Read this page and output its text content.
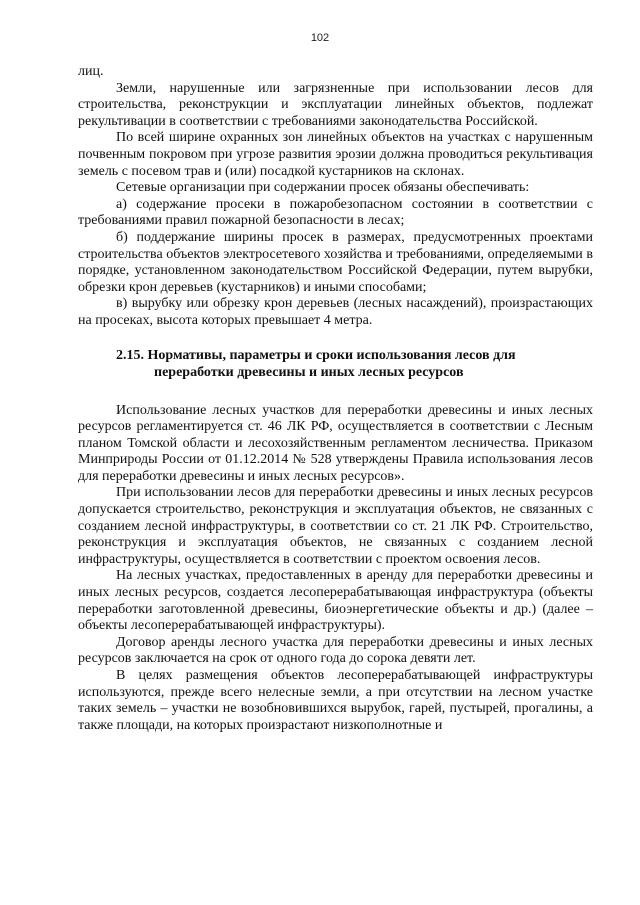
102

лиц.

Земли, нарушенные или загрязненные при использовании лесов для строительства, реконструкции и эксплуатации линейных объектов, подлежат рекультивации в соответствии с требованиями законодательства Российской.

По всей ширине охранных зон линейных объектов на участках с нарушенным почвенным покровом при угрозе развития эрозии должна проводиться рекультивация земель с посевом трав и (или) посадкой кустарников на склонах.

Сетевые организации при содержании просек обязаны обеспечивать:

а) содержание просеки в пожаробезопасном состоянии в соответствии с требованиями правил пожарной безопасности в лесах;

б) поддержание ширины просек в размерах, предусмотренных проектами строительства объектов электросетевого хозяйства и требованиями, определяемыми в порядке, установленном законодательством Российской Федерации, путем вырубки, обрезки крон деревьев (кустарников) и иными способами;

в) вырубку или обрезку крон деревьев (лесных насаждений), произрастающих на просеках, высота которых превышает 4 метра.

2.15. Нормативы, параметры и сроки использования лесов для
переработки древесины и иных лесных ресурсов

Использование лесных участков для переработки древесины и иных лесных ресурсов регламентируется ст. 46 ЛК РФ, осуществляется в соответствии с Лесным планом Томской области и лесохозяйственным регламентом лесничества. Приказом Минприроды России от 01.12.2014 № 528 утверждены Правила использования лесов для переработки древесины и иных лесных ресурсов».

При использовании лесов для переработки древесины и иных лесных ресурсов допускается строительство, реконструкция и эксплуатация объектов, не связанных с созданием лесной инфраструктуры, в соответствии со ст. 21 ЛК РФ. Строительство, реконструкция и эксплуатация объектов, не связанных с созданием лесной инфраструктуры, осуществляется в соответствии с проектом освоения лесов.

На лесных участках, предоставленных в аренду для переработки древесины и иных лесных ресурсов, создается лесоперерабатывающая инфраструктура (объекты переработки заготовленной древесины, биоэнергетические объекты и др.) (далее – объекты лесоперерабатывающей инфраструктуры).

Договор аренды лесного участка для переработки древесины и иных лесных ресурсов заключается на срок от одного года до сорока девяти лет.

В целях размещения объектов лесоперерабатывающей инфраструктуры используются, прежде всего нелесные земли, а при отсутствии на лесном участке таких земель – участки не возобновившихся вырубок, гарей, пустырей, прогалины, а также площади, на которых произрастают низкополнотные и
